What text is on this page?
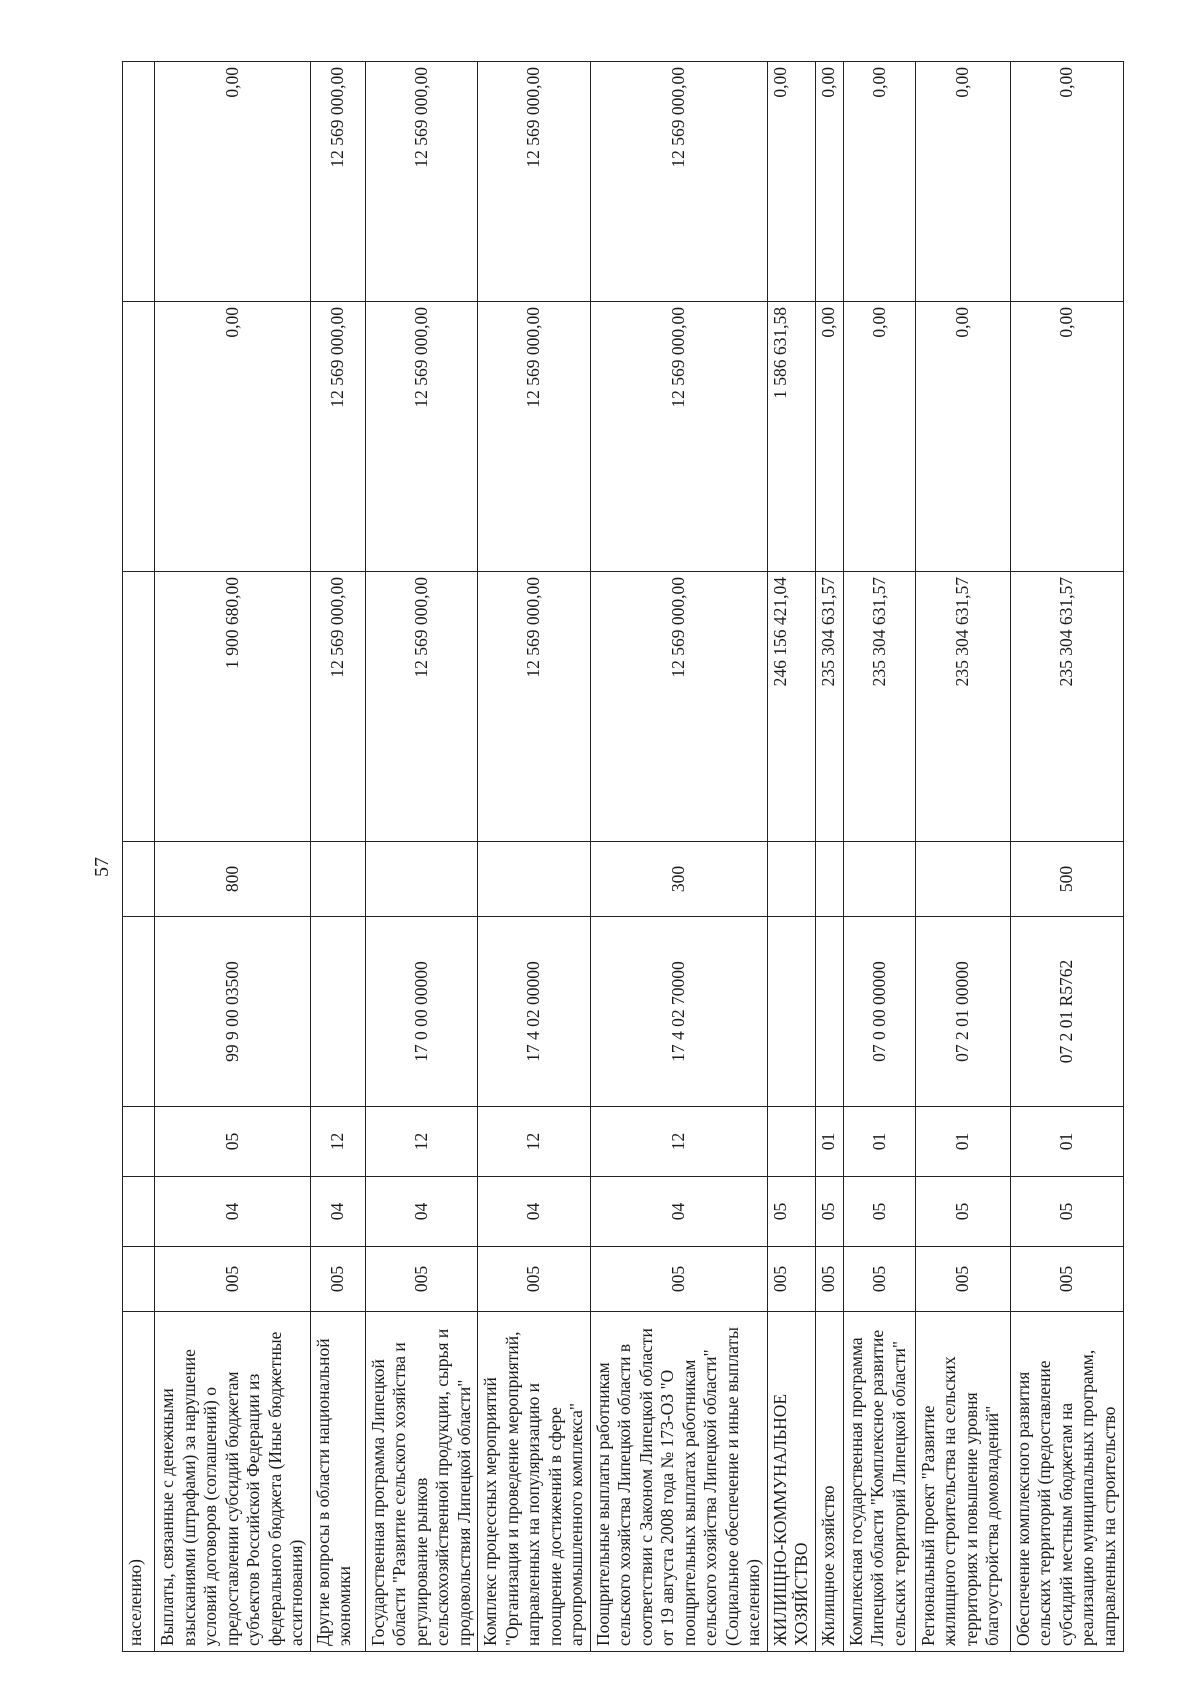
57
населению)								
Выплаты, связанные с денежными взысканиями (штрафами) за нарушение условий договоров (соглашений) о предоставлении субсидий бюджетам субъектов Российской Федерации из федерального бюджета (Иные бюджетные ассигнования)	005	04	05	99 9 00 03500	800	1 900 680,00	0,00	0,00
Другие вопросы в области национальной экономики	005	04	12			12 569 000,00	12 569 000,00	12 569 000,00
Государственная программа Липецкой области "Развитие сельского хозяйства и регулирование рынков сельскохозяйственной продукции, сырья и продовольствия Липецкой области"	005	04	12	17 0 00 00000		12 569 000,00	12 569 000,00	12 569 000,00
Комплекс процессных мероприятий "Организация и проведение мероприятий, направленных на популяризацию и поощрение достижений в сфере агропромышленного комплекса"	005	04	12	17 4 02 00000		12 569 000,00	12 569 000,00	12 569 000,00
Поощрительные выплаты работникам сельского хозяйства Липецкой области в соответствии с Законом Липецкой области от 19 августа 2008 года № 173-ОЗ "О поощрительных выплатах работникам сельского хозяйства Липецкой области" (Социальное обеспечение и иные выплаты населению)	005	04	12	17 4 02 70000	300	12 569 000,00	12 569 000,00	12 569 000,00
ЖИЛИЩНО-КОММУНАЛЬНОЕ ХОЗЯЙСТВО	005	05				246 156 421,04	1 586 631,58	0,00
Жилищное хозяйство	005	05	01			235 304 631,57	0,00	0,00
Комплексная государственная программа Липецкой области "Комплексное развитие сельских территорий Липецкой области"	005	05	01	07 0 00 00000		235 304 631,57	0,00	0,00
Региональный проект "Развитие жилищного строительства на сельских территориях и повышение уровня благоустройства домовладений"	005	05	01	07 2 01 00000		235 304 631,57	0,00	0,00
Обеспечение комплексного развития сельских территорий (предоставление субсидий местным бюджетам на реализацию муниципальных программ, направленных на строительство	005	05	01	07 2 01 R5762	500	235 304 631,57	0,00	0,00
